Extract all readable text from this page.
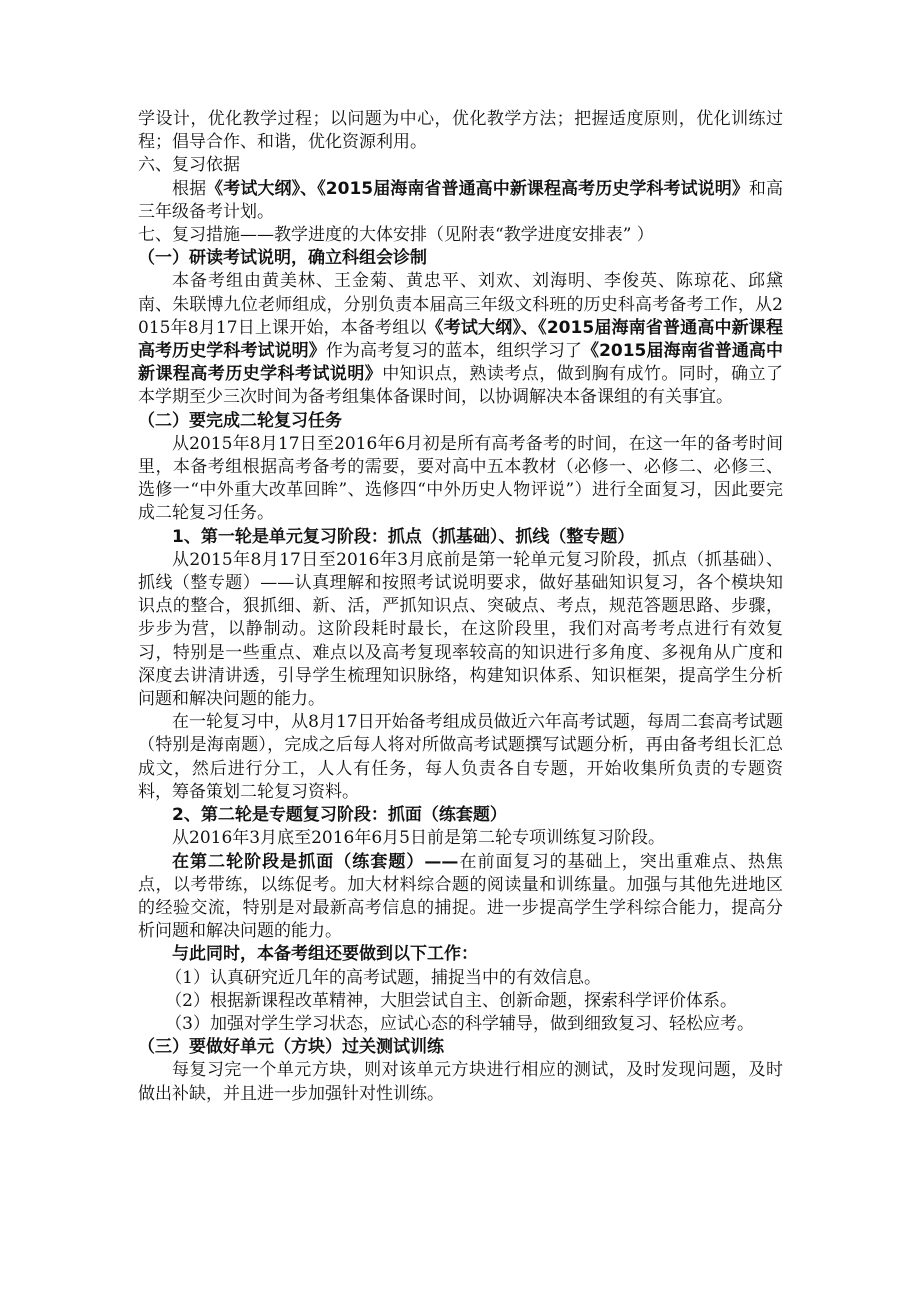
学设计，优化教学过程；以问题为中心，优化教学方法；把握适度原则，优化训练过程；倡导合作、和谐，优化资源利用。

六、复习依据

根据《考试大纲》、《2015届海南省普通高中新课程高考历史学科考试说明》和高三年级备考计划。

七、复习措施——教学进度的大体安排（见附表“教学进度安排表” ）

（一）研读考试说明，确立科组会诊制

本备考组由黄美林、王金菊、黄忠平、刘欢、刘海明、李俊英、陈琼花、邱黛南、朱联博九位老师组成，分别负责本届高三年级文科班的历史科高考备考工作，从2015年8月17日上课开始，本备考组以《考试大纲》、《2015届海南省普通高中新课程高考历史学科考试说明》作为高考复习的蓝本，组织学习了《2015届海南省普通高中新课程高考历史学科考试说明》中知识点，熟读考点，做到胸有成竹。同时，确立了本学期至少三次时间为备考组集体备课时间，以协调解决本备课组的有关事宜。

（二）要完成二轮复习任务

从2015年8月17日至2016年6月初是所有高考备考的时间，在这一年的备考时间里，本备考组根据高考备考的需要，要对高中五本教材（必修一、必修二、必修三、选修一“中外重大改革回眸”、选修四“中外历史人物评说”）进行全面复习，因此要完成二轮复习任务。

1、第一轮是单元复习阶段：抓点（抓基础）、抓线（整专题）

从2015年8月17日至2016年3月底前是第一轮单元复习阶段，抓点（抓基础）、抓线（整专题）——认真理解和按照考试说明要求，做好基础知识复习，各个模块知识点的整合，狠抓细、新、活，严抓知识点、突破点、考点，规范答题思路、步骤，步步为营，以静制动。这阶段耗时最长，在这阶段里，我们对高考考点进行有效复习，特别是一些重点、难点以及高考复现率较高的知识进行多角度、多视角从广度和深度去讲清讲透，引导学生梳理知识脉络，构建知识体系、知识框架，提高学生分析问题和解决问题的能力。

在一轮复习中，从8月17日开始备考组成员做近六年高考试题，每周二套高考试题（特别是海南题），完成之后每人将对所做高考试题撰写试题分析，再由备考组长汇总成文，然后进行分工，人人有任务，每人负责各自专题，开始收集所负责的专题资料，筹备策划二轮复习资料。

2、第二轮是专题复习阶段：抓面（练套题）

从2016年3月底至2016年6月5日前是第二轮专项训练复习阶段。

在第二轮阶段是抓面（练套题）——在前面复习的基础上，突出重难点、热焦点，以考带练，以练促考。加大材料综合题的阅读量和训练量。加强与其他先进地区的经验交流，特别是对最新高考信息的捕捉。进一步提高学生学科综合能力，提高分析问题和解决问题的能力。

与此同时，本备考组还要做到以下工作：

（1）认真研究近几年的高考试题，捕捉当中的有效信息。

（2）根据新课程改革精神，大胆尝试自主、创新命题，探索科学评价体系。

（3）加强对学生学习状态，应试心态的科学辅导，做到细致复习、轻松应考。

（三）要做好单元（方块）过关测试训练

每复习完一个单元方块，则对该单元方块进行相应的测试，及时发现问题，及时做出补缺，并且进一步加强针对性训练。
